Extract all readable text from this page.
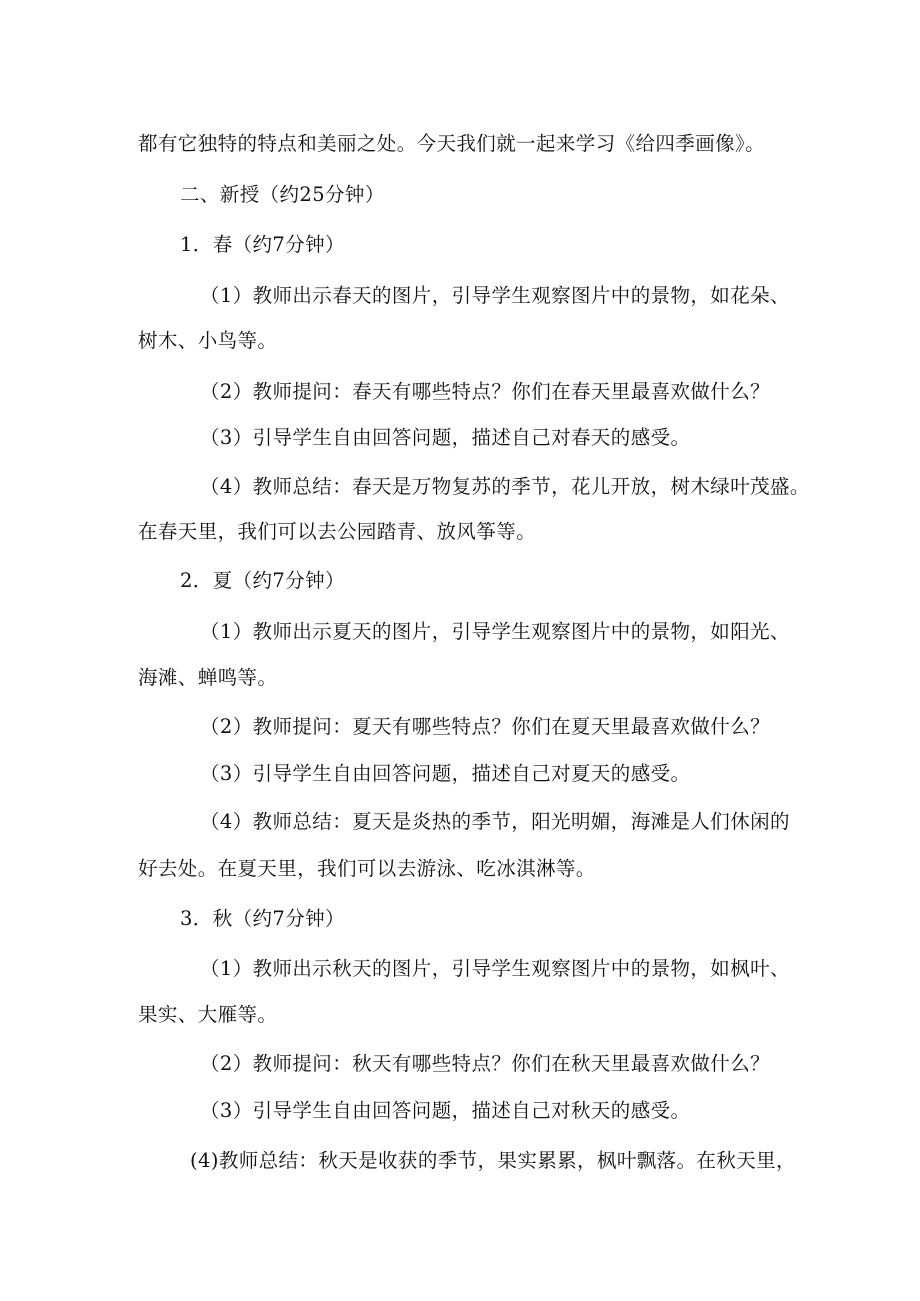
都有它独特的特点和美丽之处。今天我们就一起来学习《给四季画像》。
二、新授（约25分钟）
1．春（约7分钟）
（1）教师出示春天的图片，引导学生观察图片中的景物，如花朵、
树木、小鸟等。
（2）教师提问：春天有哪些特点？你们在春天里最喜欢做什么？
（3）引导学生自由回答问题，描述自己对春天的感受。
（4）教师总结：春天是万物复苏的季节，花儿开放，树木绿叶茂盛。
在春天里，我们可以去公园踏青、放风筝等。
2．夏（约7分钟）
（1）教师出示夏天的图片，引导学生观察图片中的景物，如阳光、
海滩、蝉鸣等。
（2）教师提问：夏天有哪些特点？你们在夏天里最喜欢做什么？
（3）引导学生自由回答问题，描述自己对夏天的感受。
（4）教师总结：夏天是炎热的季节，阳光明媚，海滩是人们休闲的
好去处。在夏天里，我们可以去游泳、吃冰淇淋等。
3．秋（约7分钟）
（1）教师出示秋天的图片，引导学生观察图片中的景物，如枫叶、
果实、大雁等。
（2）教师提问：秋天有哪些特点？你们在秋天里最喜欢做什么？
（3）引导学生自由回答问题，描述自己对秋天的感受。
(4)教师总结：秋天是收获的季节，果实累累，枫叶飘落。在秋天里，
